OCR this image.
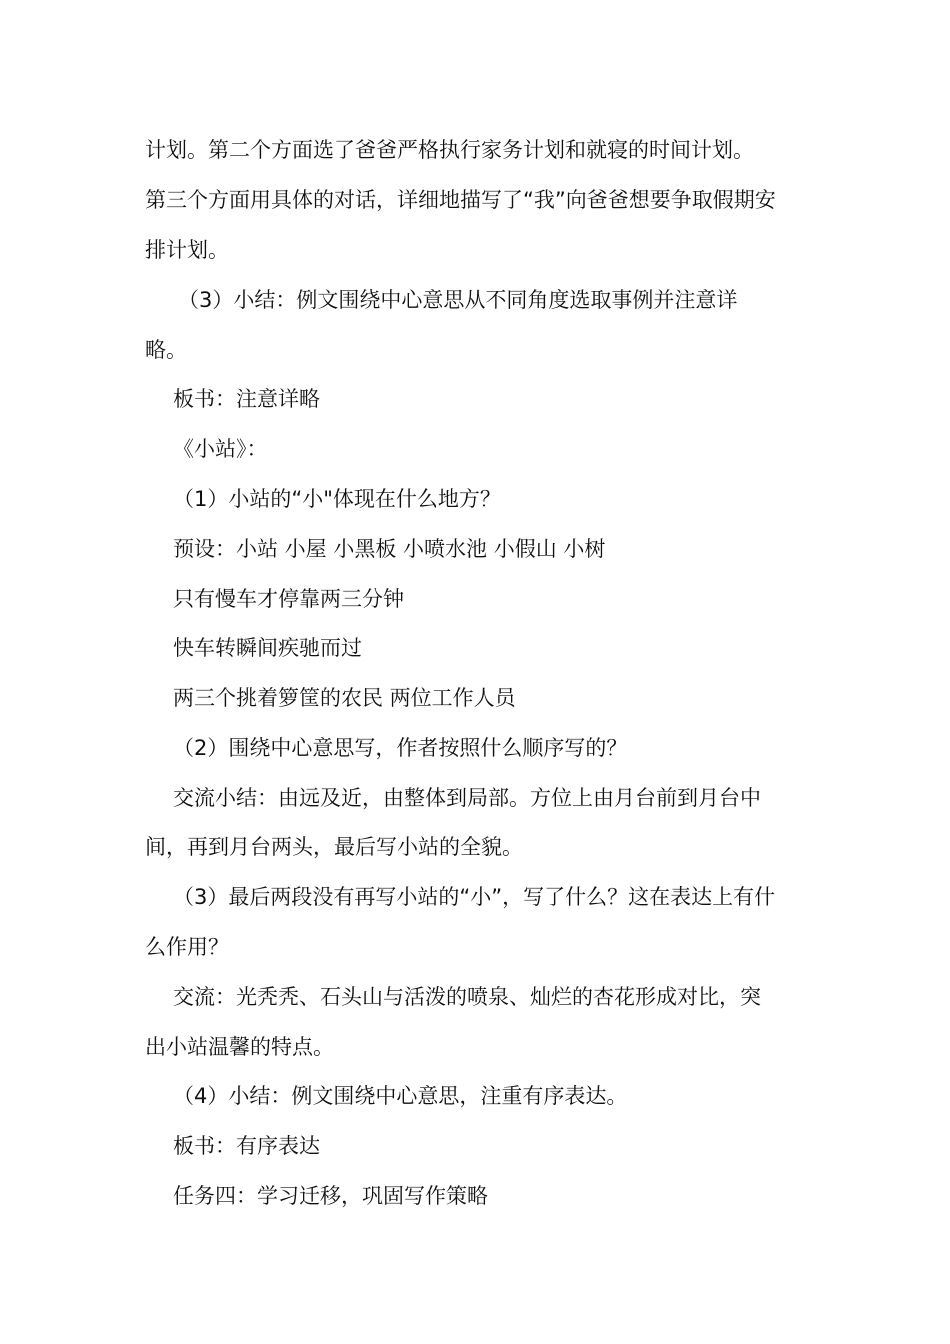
计划。第二个方面选了爸爸严格执行家务计划和就寝的时间计划。
第三个方面用具体的对话，详细地描写了“我”向爸爸想要争取假期安
排计划。
（3）小结：例文围绕中心意思从不同角度选取事例并注意详
略。
板书：注意详略
《小站》：
（1）小站的“小"体现在什么地方？
预设：小站 小屋 小黑板 小喷水池 小假山 小树
只有慢车才停靠两三分钟
快车转瞬间疾驰而过
两三个挑着箩筐的农民 两位工作人员
（2）围绕中心意思写，作者按照什么顺序写的？
交流小结：由远及近，由整体到局部。方位上由月台前到月台中
间，再到月台两头，最后写小站的全貌。
（3）最后两段没有再写小站的“小”，写了什么？这在表达上有什
么作用？
交流：光秃秃、石头山与活泼的喷泉、灿烂的杏花形成对比，突
出小站温馨的特点。
（4）小结：例文围绕中心意思，注重有序表达。
板书：有序表达
任务四：学习迁移，巩固写作策略
